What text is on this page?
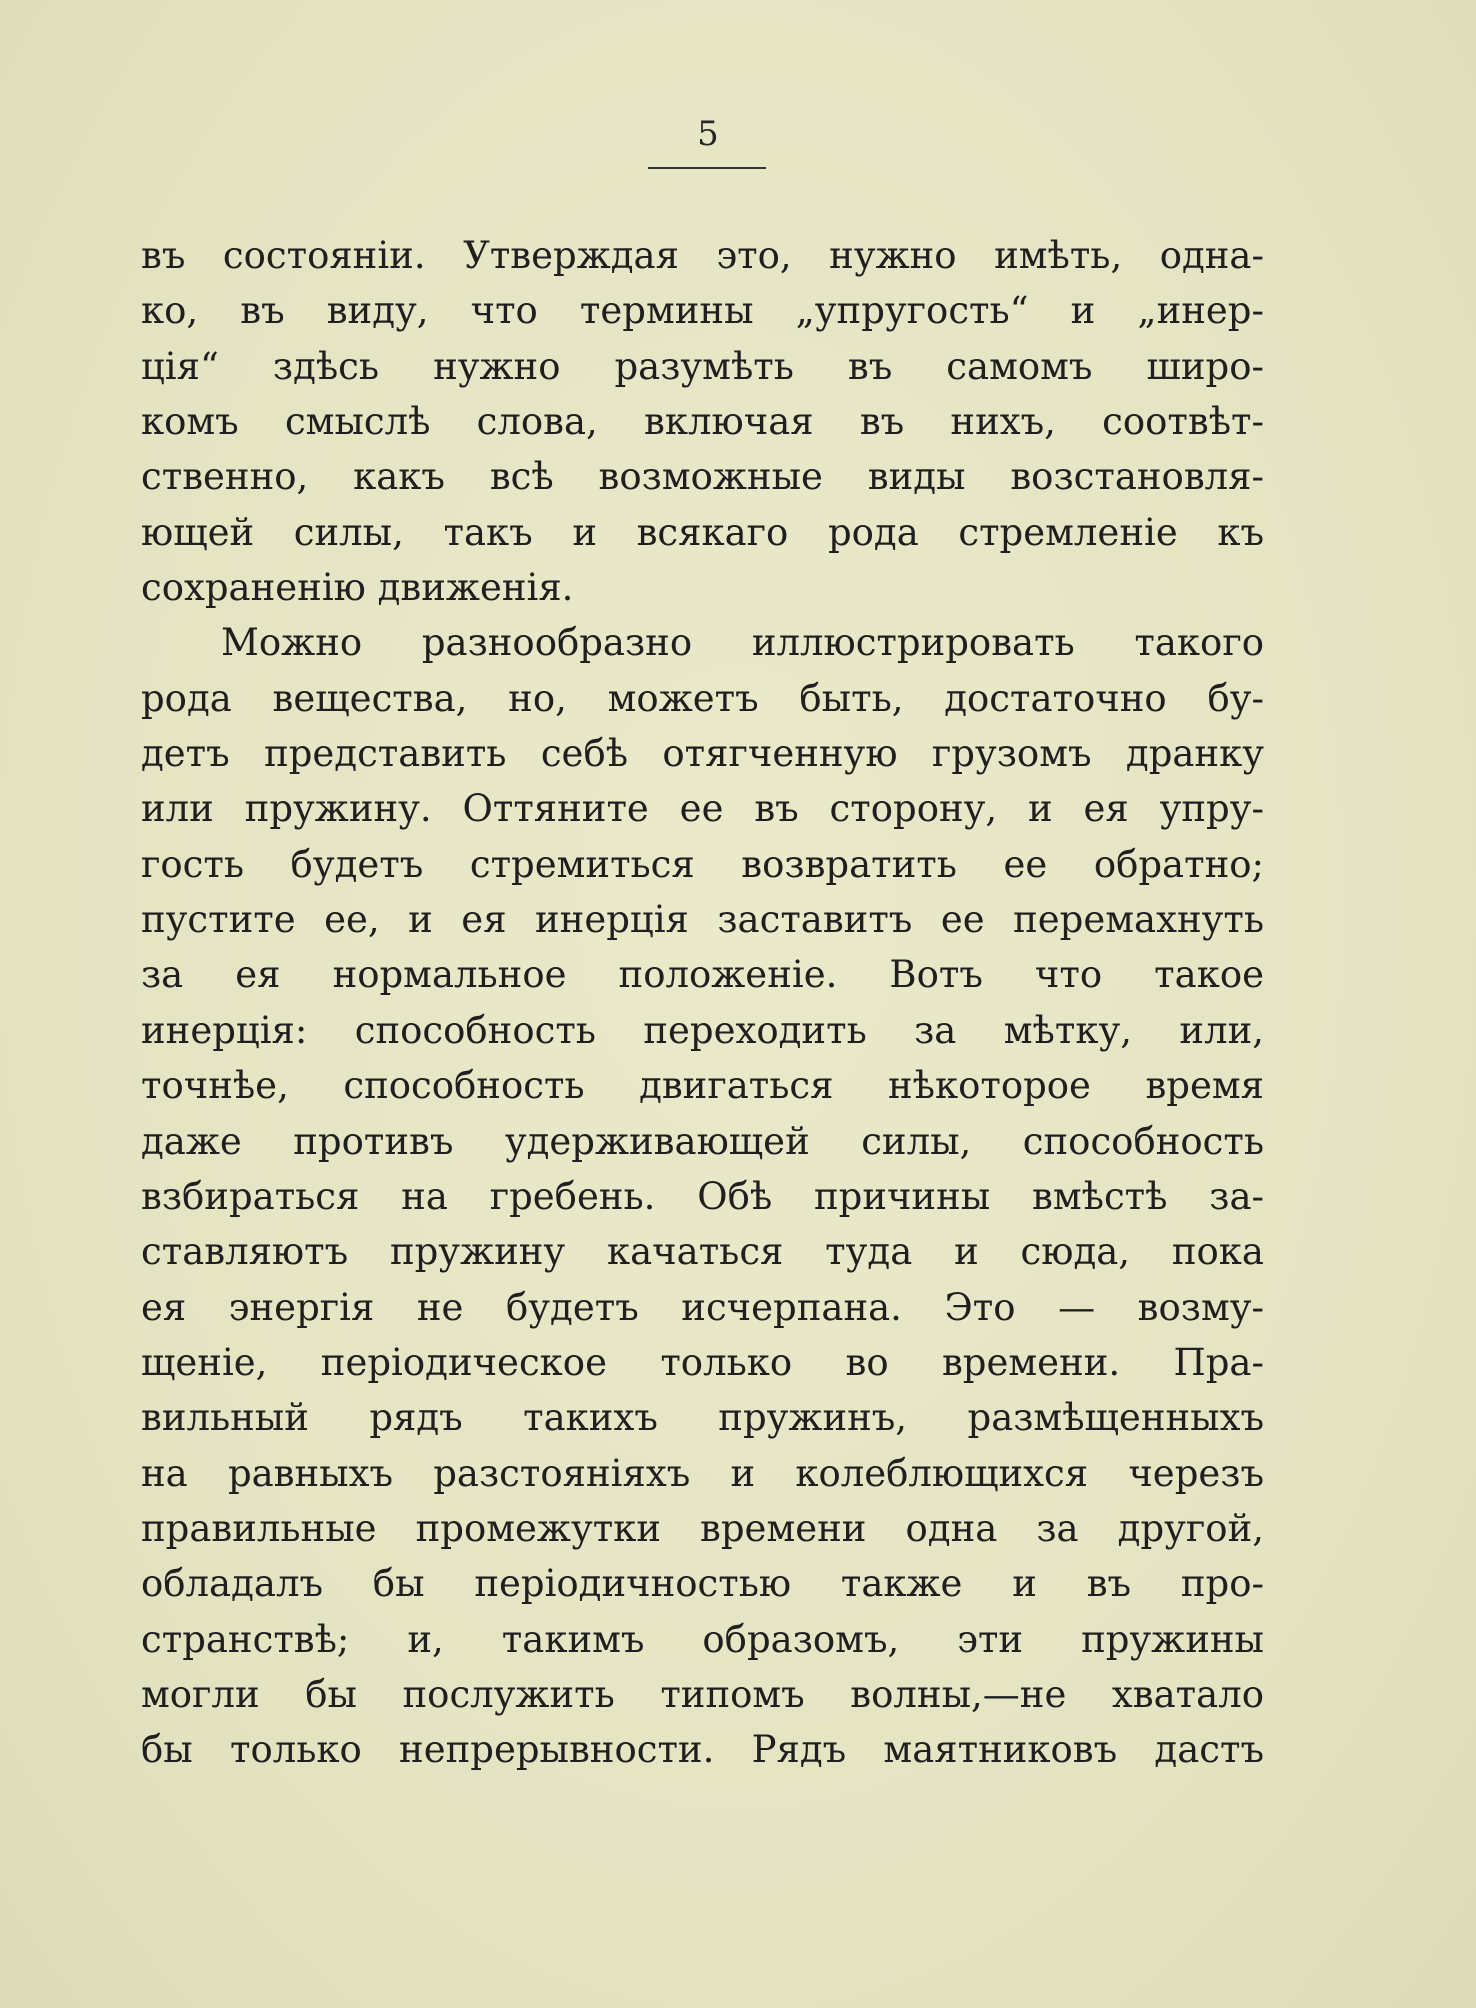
5
въ состояніи. Утверждая это, нужно имѣть, одна-
ко, въ виду, что термины „упругость“ и „инер-
ція“ здѣсь нужно разумѣть въ самомъ широ-
комъ смыслѣ слова, включая въ нихъ, соотвѣт-
ственно, какъ всѣ возможные виды возстановля-
ющей силы, такъ и всякаго рода стремленіе къ
сохраненію движенія.
Можно разнообразно иллюстрировать такого
рода вещества, но, можетъ быть, достаточно бу-
детъ представить себѣ отягченную грузомъ дранку
или пружину. Оттяните ее въ сторону, и ея упру-
гость будетъ стремиться возвратить ее обратно;
пустите ее, и ея инерція заставитъ ее перемахнуть
за ея нормальное положеніе. Вотъ что такое
инерція: способность переходить за мѣтку, или,
точнѣе, способность двигаться нѣкоторое время
даже противъ удерживающей силы, способность
взбираться на гребень. Обѣ причины вмѣстѣ за-
ставляютъ пружину качаться туда и сюда, пока
ея энергія не будетъ исчерпана. Это — возму-
щеніе, періодическое только во времени. Пра-
вильный рядъ такихъ пружинъ, размѣщенныхъ
на равныхъ разстояніяхъ и колеблющихся черезъ
правильные промежутки времени одна за другой,
обладалъ бы періодичностью также и въ про-
странствѣ; и, такимъ образомъ, эти пружины
могли бы послужить типомъ волны,—не хватало
бы только непрерывности. Рядъ маятниковъ дастъ
